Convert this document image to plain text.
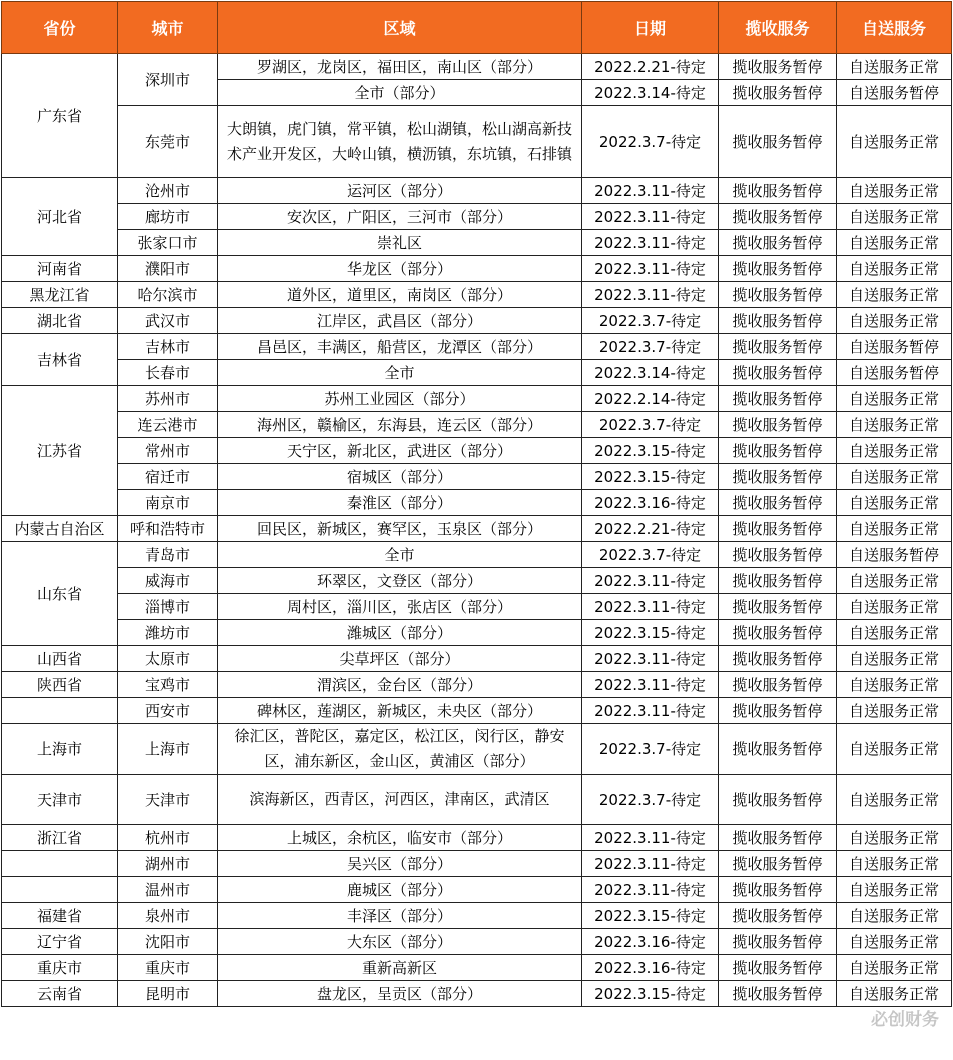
省份	城市	区域	日期	揽收服务	自送服务
广东省	深圳市	罗湖区，龙岗区，福田区，南山区（部分）	2022.2.21-待定	揽收服务暂停	自送服务正常
		全市（部分）	2022.3.14-待定	揽收服务暂停	自送服务暂停
	东莞市	大朗镇，虎门镇，常平镇，松山湖镇，松山湖高新技术产业开发区，大岭山镇，横沥镇，东坑镇，石排镇	2022.3.7-待定	揽收服务暂停	自送服务正常
河北省	沧州市	运河区（部分）	2022.3.11-待定	揽收服务暂停	自送服务正常
	廊坊市	安次区，广阳区，三河市（部分）	2022.3.11-待定	揽收服务暂停	自送服务正常
	张家口市	崇礼区	2022.3.11-待定	揽收服务暂停	自送服务正常
河南省	濮阳市	华龙区（部分）	2022.3.11-待定	揽收服务暂停	自送服务正常
黑龙江省	哈尔滨市	道外区，道里区，南岗区（部分）	2022.3.11-待定	揽收服务暂停	自送服务正常
湖北省	武汉市	江岸区，武昌区（部分）	2022.3.7-待定	揽收服务暂停	自送服务正常
吉林省	吉林市	昌邑区，丰满区，船营区，龙潭区（部分）	2022.3.7-待定	揽收服务暂停	自送服务暂停
	长春市	全市	2022.3.14-待定	揽收服务暂停	自送服务暂停
江苏省	苏州市	苏州工业园区（部分）	2022.2.14-待定	揽收服务暂停	自送服务正常
	连云港市	海州区，赣榆区，东海县，连云区（部分）	2022.3.7-待定	揽收服务暂停	自送服务正常
	常州市	天宁区，新北区，武进区（部分）	2022.3.15-待定	揽收服务暂停	自送服务正常
	宿迁市	宿城区（部分）	2022.3.15-待定	揽收服务暂停	自送服务正常
	南京市	秦淮区（部分）	2022.3.16-待定	揽收服务暂停	自送服务正常
内蒙古自治区	呼和浩特市	回民区，新城区，赛罕区，玉泉区（部分）	2022.2.21-待定	揽收服务暂停	自送服务正常
山东省	青岛市	全市	2022.3.7-待定	揽收服务暂停	自送服务暂停
	威海市	环翠区，文登区（部分）	2022.3.11-待定	揽收服务暂停	自送服务正常
	淄博市	周村区，淄川区，张店区（部分）	2022.3.11-待定	揽收服务暂停	自送服务正常
	潍坊市	潍城区（部分）	2022.3.15-待定	揽收服务暂停	自送服务正常
山西省	太原市	尖草坪区（部分）	2022.3.11-待定	揽收服务暂停	自送服务正常
陕西省	宝鸡市	渭滨区，金台区（部分）	2022.3.11-待定	揽收服务暂停	自送服务正常
	西安市	碑林区，莲湖区，新城区，未央区（部分）	2022.3.11-待定	揽收服务暂停	自送服务正常
上海市	上海市	徐汇区，普陀区，嘉定区，松江区，闵行区，静安区，浦东新区，金山区，黄浦区（部分）	2022.3.7-待定	揽收服务暂停	自送服务正常
天津市	天津市	滨海新区，西青区，河西区，津南区，武清区	2022.3.7-待定	揽收服务暂停	自送服务正常
浙江省	杭州市	上城区，余杭区，临安市（部分）	2022.3.11-待定	揽收服务暂停	自送服务正常
	湖州市	吴兴区（部分）	2022.3.11-待定	揽收服务暂停	自送服务正常
	温州市	鹿城区（部分）	2022.3.11-待定	揽收服务暂停	自送服务正常
福建省	泉州市	丰泽区（部分）	2022.3.15-待定	揽收服务暂停	自送服务正常
辽宁省	沈阳市	大东区（部分）	2022.3.16-待定	揽收服务暂停	自送服务正常
重庆市	重庆市	重新高新区	2022.3.16-待定	揽收服务暂停	自送服务正常
云南省	昆明市	盘龙区，呈贡区（部分）	2022.3.15-待定	揽收服务暂停	自送服务正常
必创财务
